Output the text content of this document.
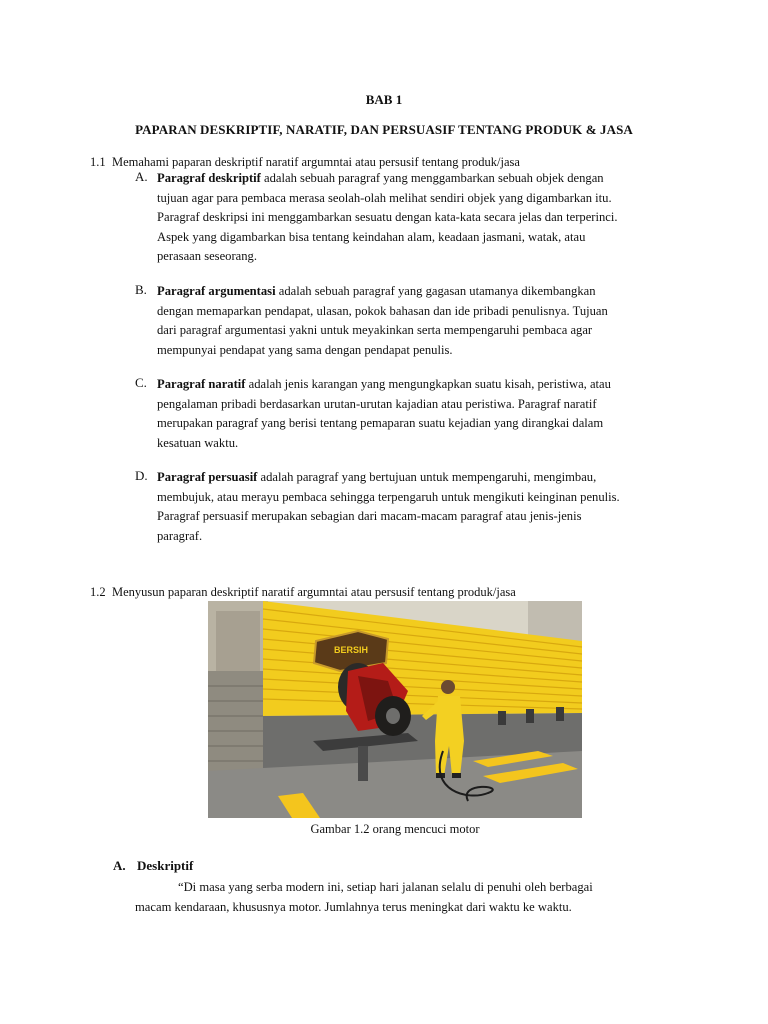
BAB 1
PAPARAN DESKRIPTIF, NARATIF, DAN PERSUASIF TENTANG PRODUK & JASA
1.1 Memahami paparan deskriptif naratif argumntai atau persusif tentang produk/jasa
A. Paragraf deskriptif adalah sebuah paragraf yang menggambarkan sebuah objek dengan
tujuan agar para pembaca merasa seolah-olah melihat sendiri objek yang digambarkan itu.
Paragraf deskripsi ini menggambarkan sesuatu dengan kata-kata secara jelas dan terperinci.
Aspek yang digambarkan bisa tentang keindahan alam, keadaan jasmani, watak, atau
perasaan seseorang.
B. Paragraf argumentasi adalah sebuah paragraf yang gagasan utamanya dikembangkan
dengan memaparkan pendapat, ulasan, pokok bahasan dan ide pribadi penulisnya. Tujuan
dari paragraf argumentasi yakni untuk meyakinkan serta mempengaruhi pembaca agar
mempunyai pendapat yang sama dengan pendapat penulis.
C. Paragraf naratif adalah jenis karangan yang mengungkapkan suatu kisah, peristiwa, atau
pengalaman pribadi berdasarkan urutan-urutan kajadian atau peristiwa. Paragraf naratif
merupakan paragraf yang berisi tentang pemaparan suatu kejadian yang dirangkai dalam
kesatuan waktu.
D. Paragraf persuasif adalah paragraf yang bertujuan untuk mempengaruhi, mengimbau,
membujuk, atau merayu pembaca sehingga terpengaruh untuk mengikuti keinginan penulis.
Paragraf persuasif merupakan sebagian dari macam-macam paragraf atau jenis-jenis
paragraf.
1.2 Menyusun paparan deskriptif naratif argumntai atau persusif tentang produk/jasa
BERSIH
Gambar 1.2 orang mencuci motor
A. Deskriptif
“Di masa yang serba modern ini, setiap hari jalanan selalu di penuhi oleh berbagai
macam kendaraan, khususnya motor. Jumlahnya terus meningkat dari waktu ke waktu.
